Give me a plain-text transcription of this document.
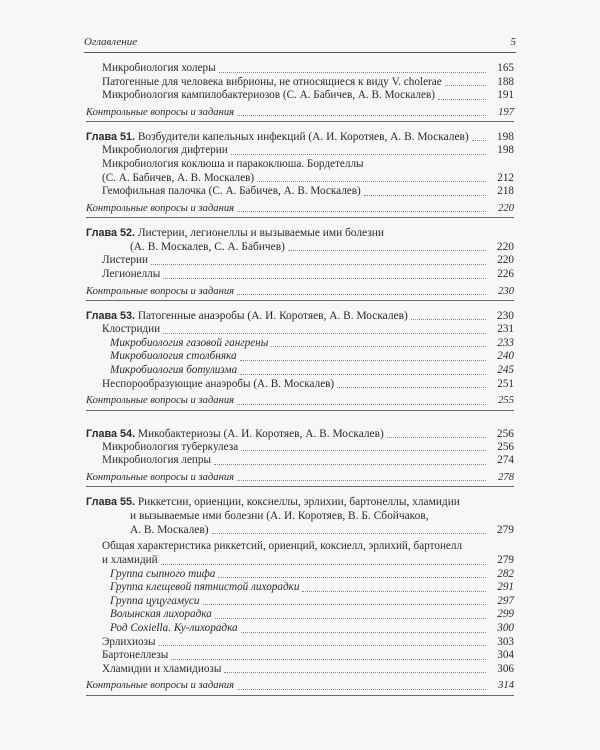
Оглавление	5
Микробиология холеры	165
Патогенные для человека вибрионы, не относящиеся к виду V. cholerae	188
Микробиология кампилобактериозов (С. А. Бабичев, А. В. Москалев)	191
Контрольные вопросы и задания	197
Глава 51. Возбудители капельных инфекций (А. И. Коротяев, А. В. Москалев)	198
Микробиология дифтерии	198
Микробиология коклюша и паракоклюша. Бордетеллы
(С. А. Бабичев, А. В. Москалев)	212
Гемофильная палочка (С. А. Бабичев, А. В. Москалев)	218
Контрольные вопросы и задания	220
Глава 52. Листерии, легионеллы и вызываемые ими болезни
(А. В. Москалев, С. А. Бабичев)	220
Листерии	220
Легионеллы	226
Контрольные вопросы и задания	230
Глава 53. Патогенные анаэробы (А. И. Коротяев, А. В. Москалев)	230
Клостридии	231
Микробиология газовой гангрены	233
Микробиология столбняка	240
Микробиология ботулизма	245
Неспорообразующие анаэробы (А. В. Москалев)	251
Контрольные вопросы и задания	255
Глава 54. Микобактериозы (А. И. Коротяев, А. В. Москалев)	256
Микробиология туберкулеза	256
Микробиология лепры	274
Контрольные вопросы и задания	278
Глава 55. Риккетсии, ориенции, коксиеллы, эрлихии, бартонеллы, хламидии
и вызываемые ими болезни (А. И. Коротяев, В. Б. Сбойчаков,
А. В. Москалев)	279
Общая характеристика риккетсий, ориенций, коксиелл, эрлихий, бартонелл
и хламидий	279
Группа сыпного тифа	282
Группа клещевой пятнистой лихорадки	291
Группа цуцугамуси	297
Волынская лихорадка	299
Род Coxiella. Ку-лихорадка	300
Эрлихиозы	303
Бартонеллезы	304
Хламидии и хламидиозы	306
Контрольные вопросы и задания	314
